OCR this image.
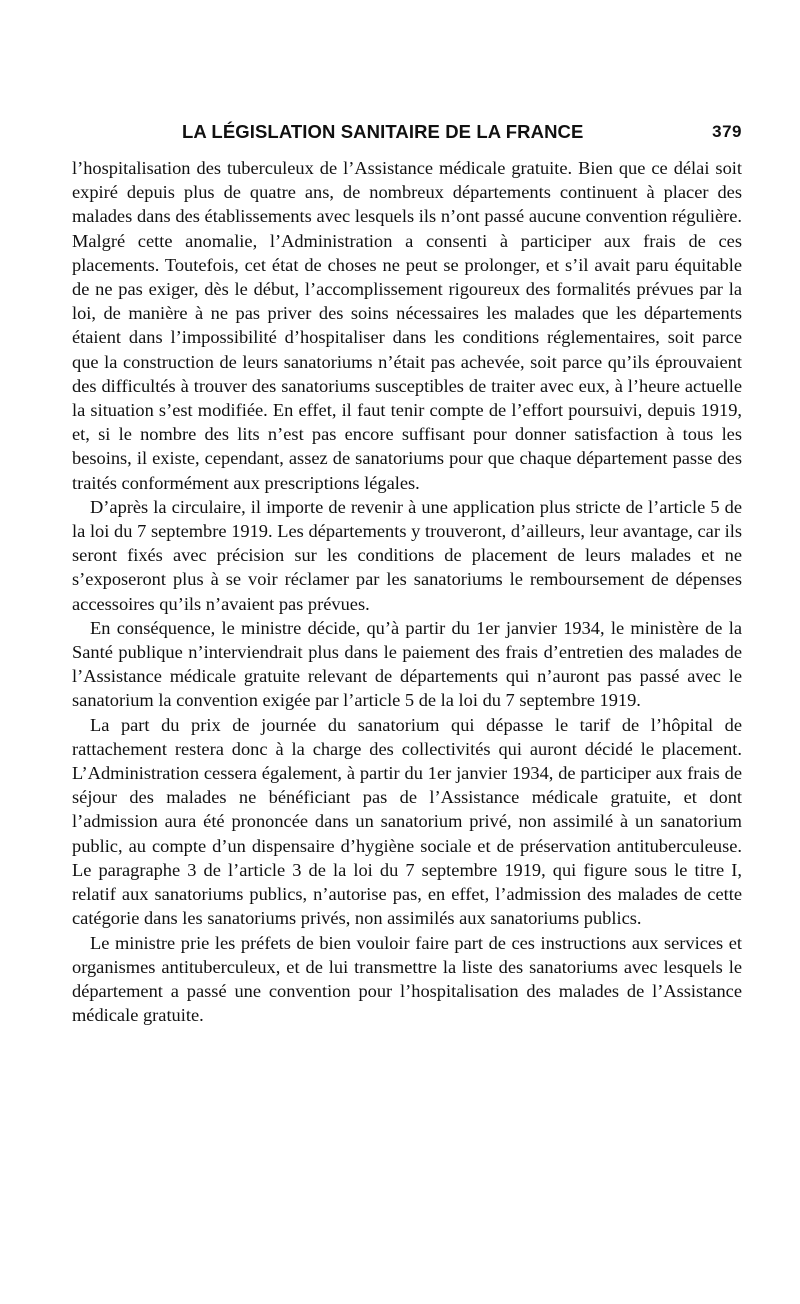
LA LÉGISLATION SANITAIRE DE LA FRANCE	379

l’hospitalisation des tuberculeux de l’Assistance médicale gratuite. Bien que ce délai soit expiré depuis plus de quatre ans, de nombreux départements continuent à placer des malades dans des établissements avec lesquels ils n’ont passé aucune convention régulière. Malgré cette anomalie, l’Administration a consenti à participer aux frais de ces placements. Toutefois, cet état de choses ne peut se prolonger, et s’il avait paru équitable de ne pas exiger, dès le début, l’accomplissement rigoureux des formalités prévues par la loi, de manière à ne pas priver des soins nécessaires les malades que les départements étaient dans l’impossibilité d’hospitaliser dans les conditions réglementaires, soit parce que la construction de leurs sanatoriums n’était pas achevée, soit parce qu’ils éprouvaient des difficultés à trouver des sanatoriums susceptibles de traiter avec eux, à l’heure actuelle la situation s’est modifiée. En effet, il faut tenir compte de l’effort poursuivi, depuis 1919, et, si le nombre des lits n’est pas encore suffisant pour donner satisfaction à tous les besoins, il existe, cependant, assez de sanatoriums pour que chaque département passe des traités conformément aux prescriptions légales.

D’après la circulaire, il importe de revenir à une application plus stricte de l’article 5 de la loi du 7 septembre 1919. Les départements y trouveront, d’ailleurs, leur avantage, car ils seront fixés avec précision sur les conditions de placement de leurs malades et ne s’exposeront plus à se voir réclamer par les sanatoriums le remboursement de dépenses accessoires qu’ils n’avaient pas prévues.

En conséquence, le ministre décide, qu’à partir du 1er janvier 1934, le ministère de la Santé publique n’interviendrait plus dans le paiement des frais d’entretien des malades de l’Assistance médicale gratuite relevant de départements qui n’auront pas passé avec le sanatorium la convention exigée par l’article 5 de la loi du 7 septembre 1919.

La part du prix de journée du sanatorium qui dépasse le tarif de l’hôpital de rattachement restera donc à la charge des collectivités qui auront décidé le placement. L’Administration cessera également, à partir du 1er janvier 1934, de participer aux frais de séjour des malades ne bénéficiant pas de l’Assistance médicale gratuite, et dont l’admission aura été prononcée dans un sanatorium privé, non assimilé à un sanatorium public, au compte d’un dispensaire d’hygiène sociale et de préservation antituberculeuse. Le paragraphe 3 de l’article 3 de la loi du 7 septembre 1919, qui figure sous le titre I, relatif aux sanatoriums publics, n’autorise pas, en effet, l’admission des malades de cette catégorie dans les sanatoriums privés, non assimilés aux sanatoriums publics.

Le ministre prie les préfets de bien vouloir faire part de ces instructions aux services et organismes antituberculeux, et de lui transmettre la liste des sanatoriums avec lesquels le département a passé une convention pour l’hospitalisation des malades de l’Assistance médicale gratuite.
